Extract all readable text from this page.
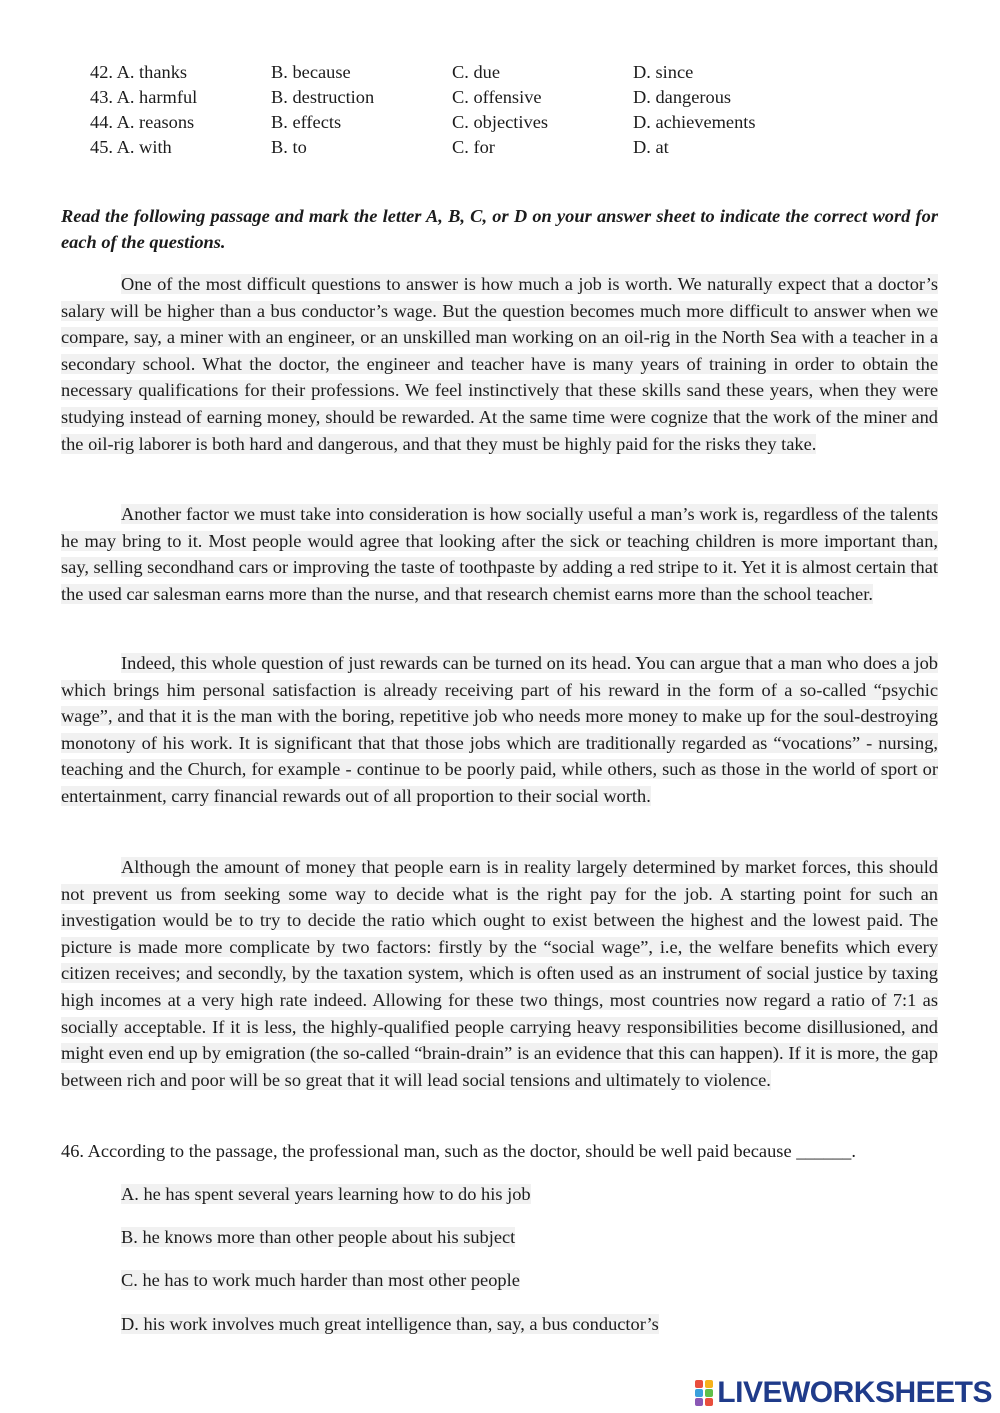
42. A. thanks	B. because	C. due	D. since
43. A. harmful	B. destruction	C. offensive	D. dangerous
44. A. reasons	B. effects	C. objectives	D. achievements
45. A. with	B. to	C. for	D. at
Read the following passage and mark the letter A, B, C, or D on your answer sheet to indicate the correct word for each of the questions.
One of the most difficult questions to answer is how much a job is worth. We naturally expect that a doctor’s salary will be higher than a bus conductor’s wage. But the question becomes much more difficult to answer when we compare, say, a miner with an engineer, or an unskilled man working on an oil-rig in the North Sea with a teacher in a secondary school. What the doctor, the engineer and teacher have is many years of training in order to obtain the necessary qualifications for their professions. We feel instinctively that these skills sand these years, when they were studying instead of earning money, should be rewarded. At the same time were cognize that the work of the miner and the oil-rig laborer is both hard and dangerous, and that they must be highly paid for the risks they take.
Another factor we must take into consideration is how socially useful a man’s work is, regardless of the talents he may bring to it. Most people would agree that looking after the sick or teaching children is more important than, say, selling secondhand cars or improving the taste of toothpaste by adding a red stripe to it. Yet it is almost certain that the used car salesman earns more than the nurse, and that research chemist earns more than the school teacher.
Indeed, this whole question of just rewards can be turned on its head. You can argue that a man who does a job which brings him personal satisfaction is already receiving part of his reward in the form of a so-called “psychic wage”, and that it is the man with the boring, repetitive job who needs more money to make up for the soul-destroying monotony of his work. It is significant that that those jobs which are traditionally regarded as “vocations” - nursing, teaching and the Church, for example - continue to be poorly paid, while others, such as those in the world of sport or entertainment, carry financial rewards out of all proportion to their social worth.
Although the amount of money that people earn is in reality largely determined by market forces, this should not prevent us from seeking some way to decide what is the right pay for the job. A starting point for such an investigation would be to try to decide the ratio which ought to exist between the highest and the lowest paid. The picture is made more complicate by two factors: firstly by the “social wage”, i.e, the welfare benefits which every citizen receives; and secondly, by the taxation system, which is often used as an instrument of social justice by taxing high incomes at a very high rate indeed. Allowing for these two things, most countries now regard a ratio of 7:1 as socially acceptable. If it is less, the highly-qualified people carrying heavy responsibilities become disillusioned, and might even end up by emigration (the so-called “brain-drain” is an evidence that this can happen). If it is more, the gap between rich and poor will be so great that it will lead social tensions and ultimately to violence.
46. According to the passage, the professional man, such as the doctor, should be well paid because ______.
A. he has spent several years learning how to do his job
B. he knows more than other people about his subject
C. he has to work much harder than most other people
D. his work involves much great intelligence than, say, a bus conductor’s
LIVEWORKSHEETS
